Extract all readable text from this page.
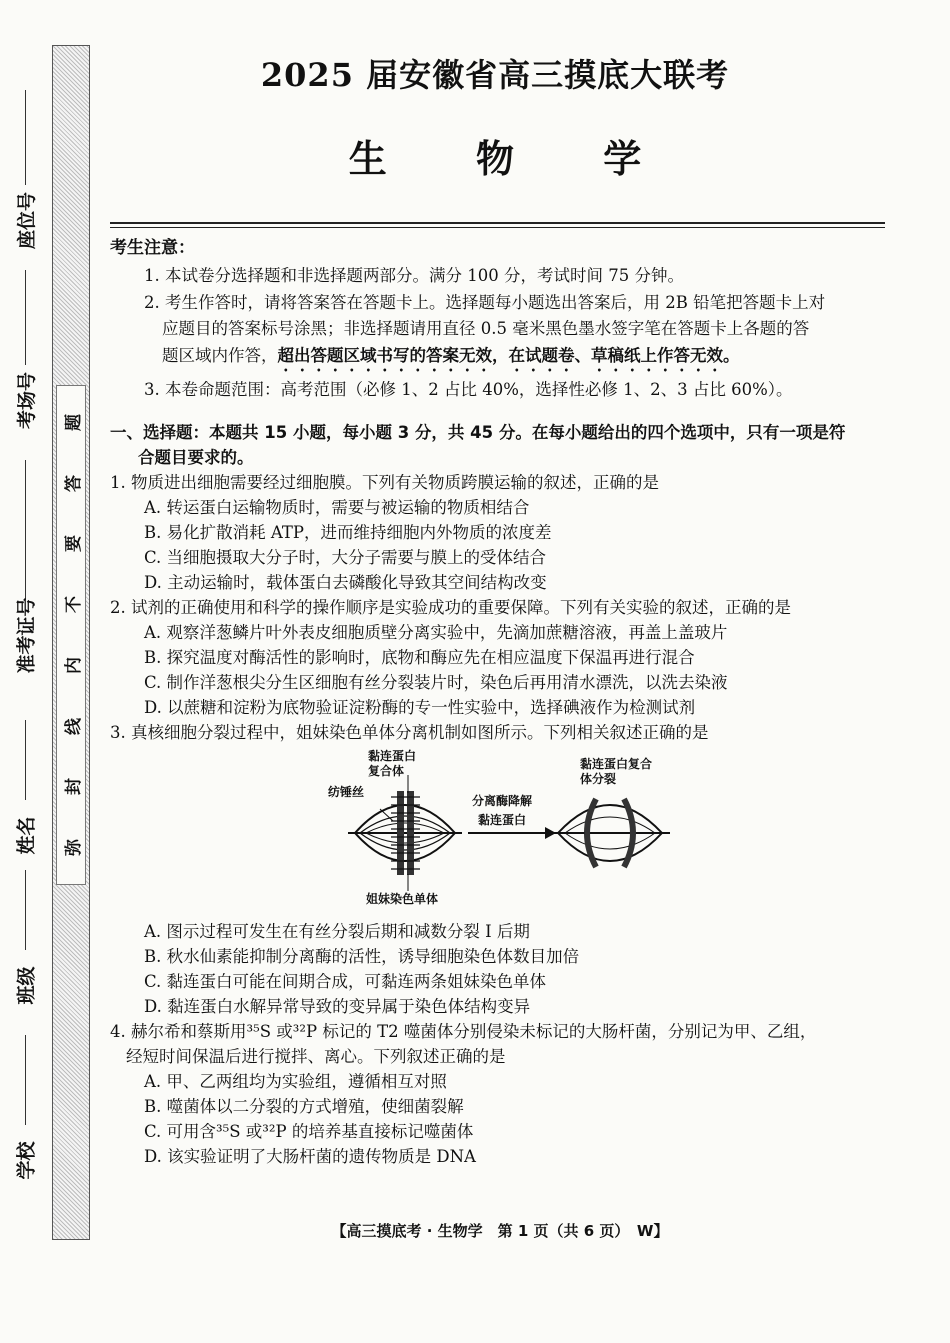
题
答
要
不
内
线
封
弥
座位号
考场号
准考证号
姓名
班级
学校
2025 届安徽省高三摸底大联考
生 物 学
考生注意：
1. 本试卷分选择题和非选择题两部分。满分 100 分，考试时间 75 分钟。
2. 考生作答时，请将答案答在答题卡上。选择题每小题选出答案后，用 2B 铅笔把答题卡上对
应题目的答案标号涂黑；非选择题请用直径 0.5 毫米黑色墨水签字笔在答题卡上各题的答
题区域内作答，超出答题区域书写的答案无效，在试题卷、草稿纸上作答无效。
3. 本卷命题范围：高考范围（必修 1、2 占比 40%，选择性必修 1、2、3 占比 60%）。
一、选择题：本题共 15 小题，每小题 3 分，共 45 分。在每小题给出的四个选项中，只有一项是符
合题目要求的。
1. 物质进出细胞需要经过细胞膜。下列有关物质跨膜运输的叙述，正确的是
A. 转运蛋白运输物质时，需要与被运输的物质相结合
B. 易化扩散消耗 ATP，进而维持细胞内外物质的浓度差
C. 当细胞摄取大分子时，大分子需要与膜上的受体结合
D. 主动运输时，载体蛋白去磷酸化导致其空间结构改变
2. 试剂的正确使用和科学的操作顺序是实验成功的重要保障。下列有关实验的叙述，正确的是
A. 观察洋葱鳞片叶外表皮细胞质壁分离实验中，先滴加蔗糖溶液，再盖上盖玻片
B. 探究温度对酶活性的影响时，底物和酶应先在相应温度下保温再进行混合
C. 制作洋葱根尖分生区细胞有丝分裂装片时，染色后再用清水漂洗，以洗去染液
D. 以蔗糖和淀粉为底物验证淀粉酶的专一性实验中，选择碘液作为检测试剂
3. 真核细胞分裂过程中，姐妹染色单体分离机制如图所示。下列相关叙述正确的是
黏连蛋白
复合体
纺锤丝
分离酶降解
黏连蛋白
黏连蛋白复合
体分裂
姐妹染色单体
A. 图示过程可发生在有丝分裂后期和减数分裂 Ⅰ 后期
B. 秋水仙素能抑制分离酶的活性，诱导细胞染色体数目加倍
C. 黏连蛋白可能在间期合成，可黏连两条姐妹染色单体
D. 黏连蛋白水解异常导致的变异属于染色体结构变异
4. 赫尔希和蔡斯用³⁵S 或³²P 标记的 T2 噬菌体分别侵染未标记的大肠杆菌，分别记为甲、乙组，
经短时间保温后进行搅拌、离心。下列叙述正确的是
A. 甲、乙两组均为实验组，遵循相互对照
B. 噬菌体以二分裂的方式增殖，使细菌裂解
C. 可用含³⁵S 或³²P 的培养基直接标记噬菌体
D. 该实验证明了大肠杆菌的遗传物质是 DNA
【高三摸底考 · 生物学　第 1 页（共 6 页）　W】
